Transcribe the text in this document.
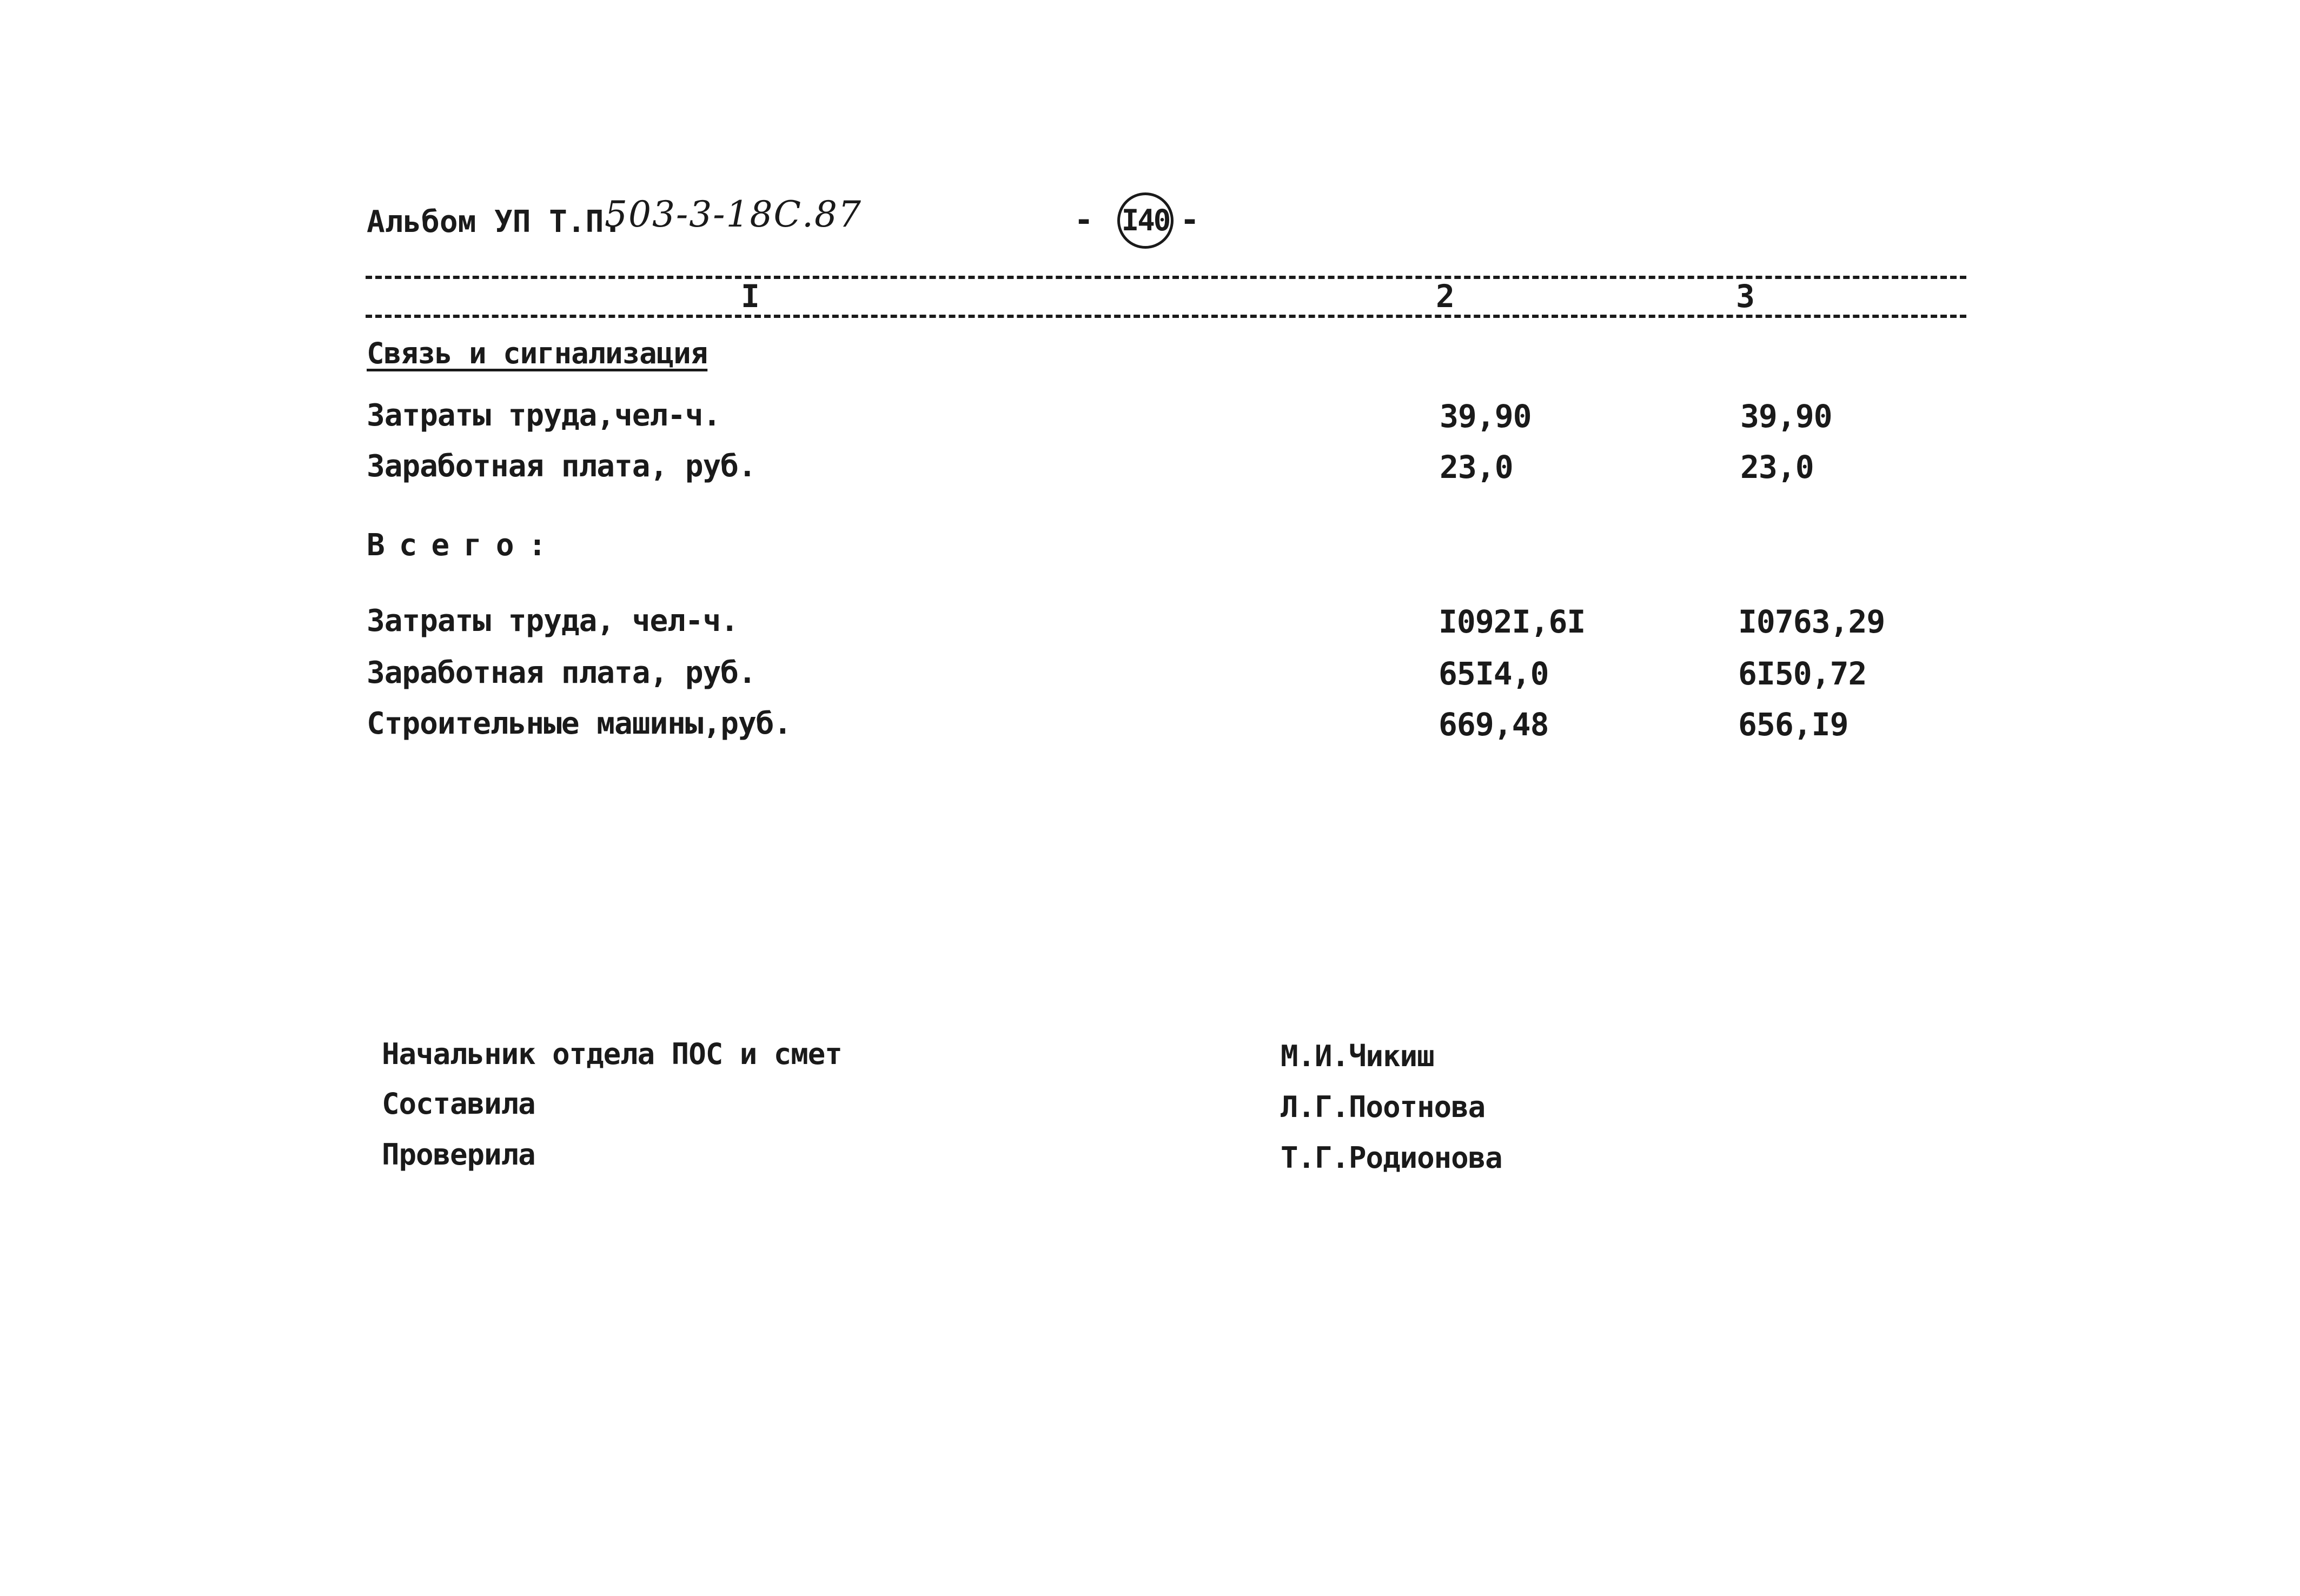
Альбом УП Т.П.
503-3-18С.87	- I40 -
I	2	3
Связь и сигнализация
Затраты труда,чел-ч.	39,90	39,90
Заработная плата, руб.	23,0	23,0
Всего:
Затраты труда, чел-ч.	I092I,6I	I0763,29
Заработная плата, руб.	65I4,0	6I50,72
Строительные машины,руб.	669,48	656,I9
Начальник отдела ПОС и смет	М.И.Чикиш
Составила	Л.Г.Поотнова
Проверила	Т.Г.Родионова
